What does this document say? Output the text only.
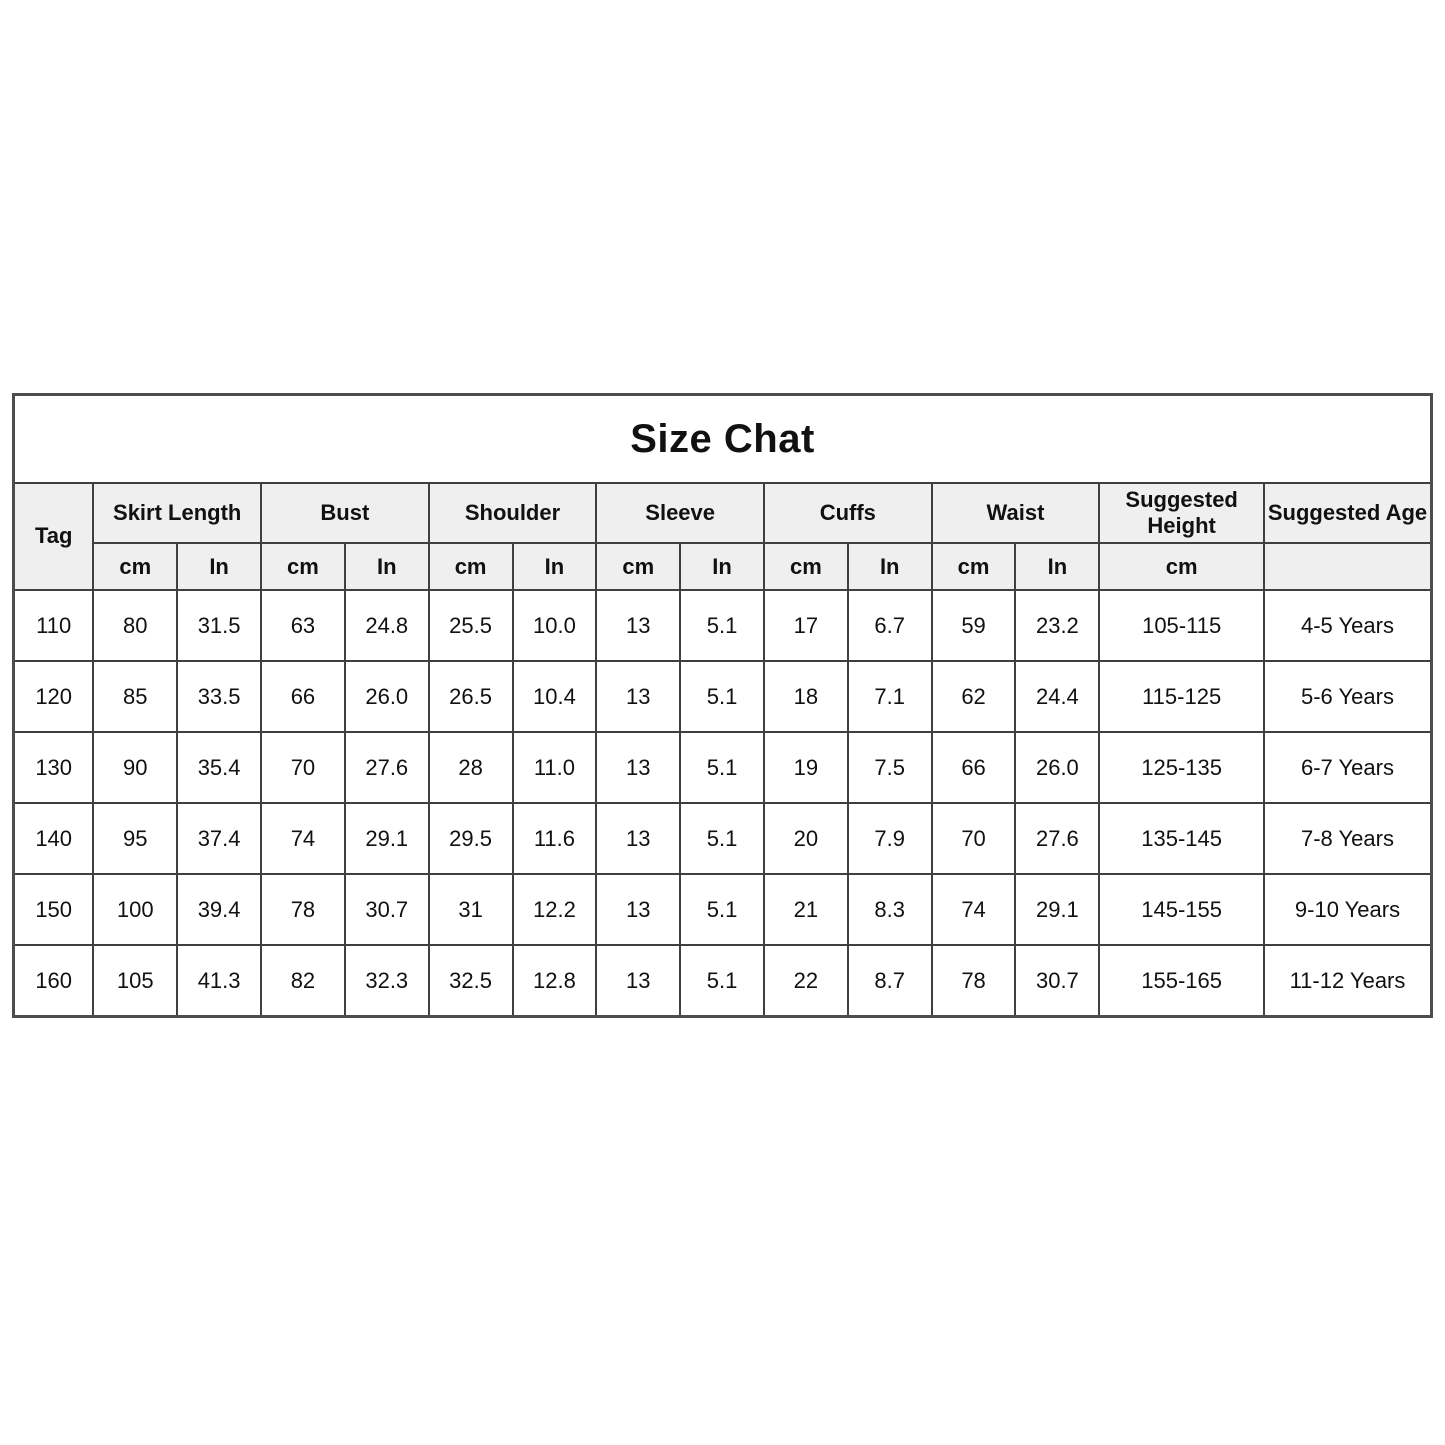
Size Chat														
Tag	Skirt Length		Bust		Shoulder		Sleeve		Cuffs		Waist		Suggested Height	Suggested Age
	cm	In	cm	In	cm	In	cm	In	cm	In	cm	In	cm	
110	80	31.5	63	24.8	25.5	10.0	13	5.1	17	6.7	59	23.2	105-115	4-5 Years
120	85	33.5	66	26.0	26.5	10.4	13	5.1	18	7.1	62	24.4	115-125	5-6 Years
130	90	35.4	70	27.6	28	11.0	13	5.1	19	7.5	66	26.0	125-135	6-7 Years
140	95	37.4	74	29.1	29.5	11.6	13	5.1	20	7.9	70	27.6	135-145	7-8 Years
150	100	39.4	78	30.7	31	12.2	13	5.1	21	8.3	74	29.1	145-155	9-10 Years
160	105	41.3	82	32.3	32.5	12.8	13	5.1	22	8.7	78	30.7	155-165	11-12 Years
